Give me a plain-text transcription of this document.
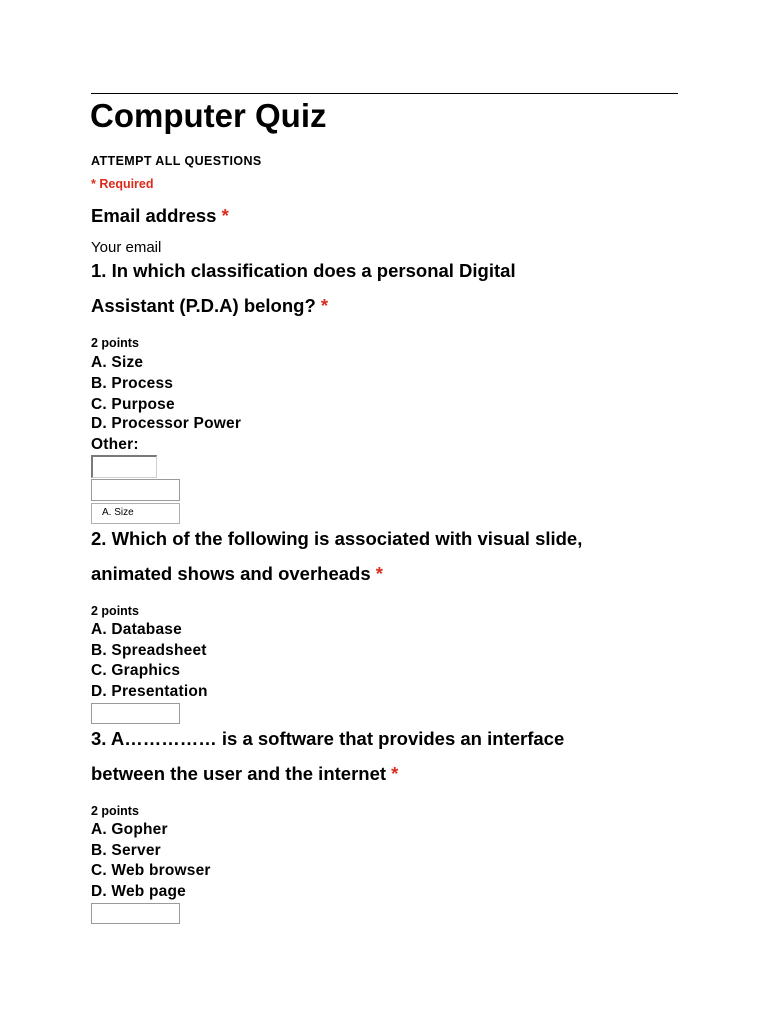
Computer Quiz
ATTEMPT ALL QUESTIONS
* Required
Email address *
Your email
1. In which classification does a personal Digital
Assistant (P.D.A) belong? *
2 points
A. Size
B. Process
C. Purpose
D. Processor Power
Other:
A. Size
2. Which of the following is associated with visual slide,
animated shows and overheads *
2 points
A. Database
B. Spreadsheet
C. Graphics
D. Presentation
3. A…………… is a software that provides an interface
between the user and the internet *
2 points
A. Gopher
B. Server
C. Web browser
D. Web page
